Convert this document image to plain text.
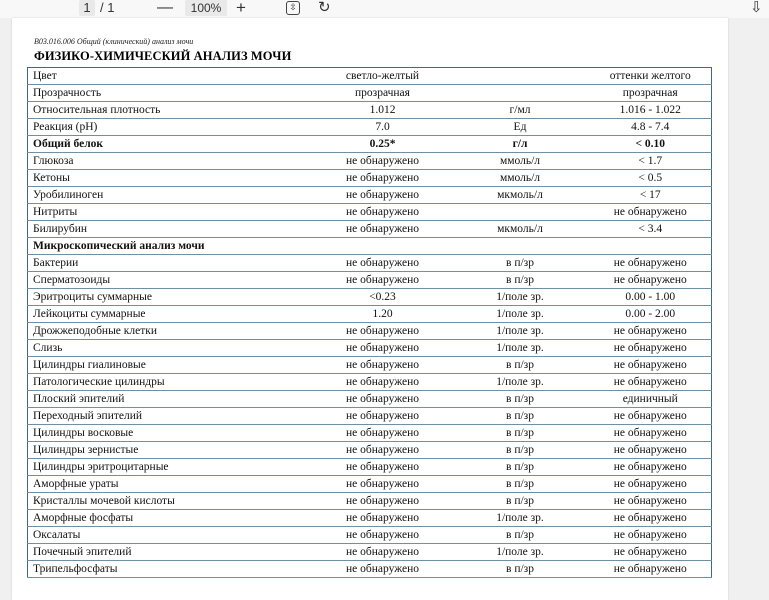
1 / 1	—	100% +	⇳ ↻	⇩
B03.016.006 Общий (клинический) анализ мочи
ФИЗИКО-ХИМИЧЕСКИЙ АНАЛИЗ МОЧИ
Цвет	светло-желтый		оттенки желтого
Прозрачность	прозрачная		прозрачная
Относительная плотность	1.012	г/мл	1.016 - 1.022
Реакция (pH)	7.0	Ед	4.8 - 7.4
Общий белок	0.25*	г/л	< 0.10
Глюкоза	не обнаружено	ммоль/л	< 1.7
Кетоны	не обнаружено	ммоль/л	< 0.5
Уробилиноген	не обнаружено	мкмоль/л	< 17
Нитриты	не обнаружено		не обнаружено
Билирубин	не обнаружено	мкмоль/л	< 3.4
Микроскопический анализ мочи			
Бактерии	не обнаружено	в п/зр	не обнаружено
Сперматозоиды	не обнаружено	в п/зр	не обнаружено
Эритроциты суммарные	<0.23	1/поле зр.	0.00 - 1.00
Лейкоциты суммарные	1.20	1/поле зр.	0.00 - 2.00
Дрожжеподобные клетки	не обнаружено	1/поле зр.	не обнаружено
Слизь	не обнаружено	1/поле зр.	не обнаружено
Цилиндры гиалиновые	не обнаружено	в п/зр	не обнаружено
Патологические цилиндры	не обнаружено	1/поле зр.	не обнаружено
Плоский эпителий	не обнаружено	в п/зр	единичный
Переходный эпителий	не обнаружено	в п/зр	не обнаружено
Цилиндры восковые	не обнаружено	в п/зр	не обнаружено
Цилиндры зернистые	не обнаружено	в п/зр	не обнаружено
Цилиндры эритроцитарные	не обнаружено	в п/зр	не обнаружено
Аморфные ураты	не обнаружено	в п/зр	не обнаружено
Кристаллы мочевой кислоты	не обнаружено	в п/зр	не обнаружено
Аморфные фосфаты	не обнаружено	1/поле зр.	не обнаружено
Оксалаты	не обнаружено	в п/зр	не обнаружено
Почечный эпителий	не обнаружено	1/поле зр.	не обнаружено
Трипельфосфаты	не обнаружено	в п/зр	не обнаружено
